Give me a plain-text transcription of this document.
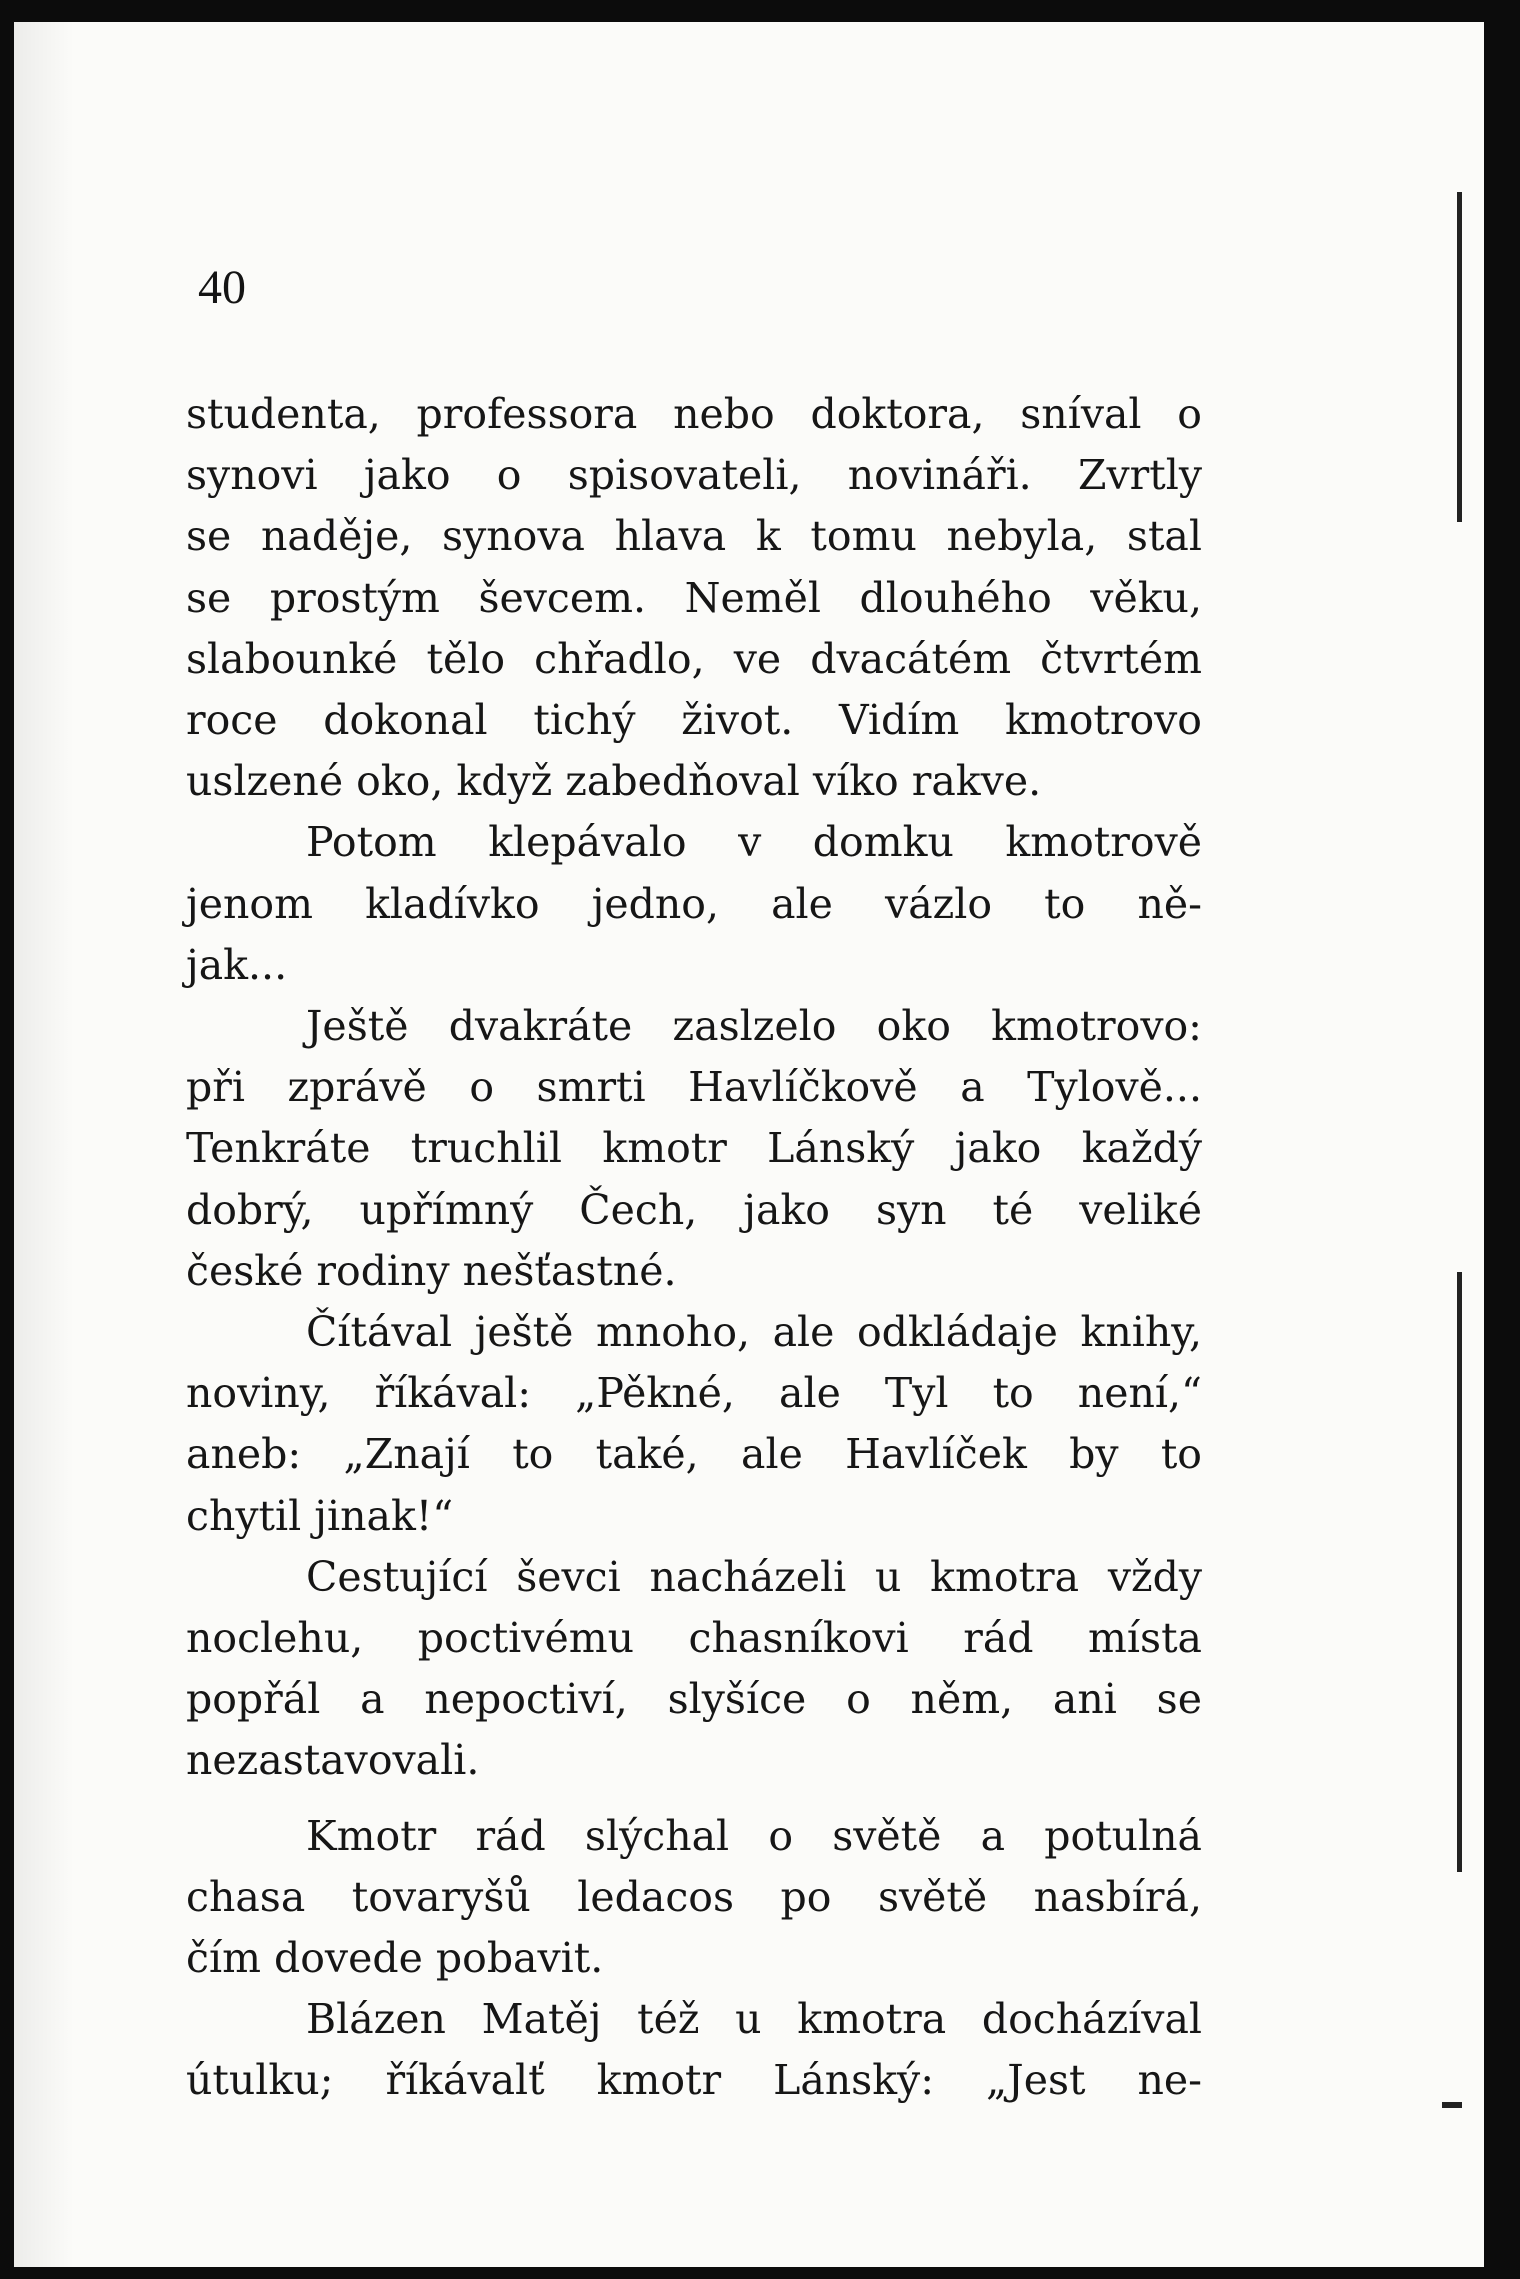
40
studenta, professora nebo doktora, sníval o
synovi jako o spisovateli, novináři. Zvrtly
se naděje, synova hlava k tomu nebyla, stal
se prostým ševcem. Neměl dlouhého věku,
slabounké tělo chřadlo, ve dvacátém čtvrtém
roce dokonal tichý život. Vidím kmotrovo
uslzené oko, když zabedňoval víko rakve.
Potom klepávalo v domku kmotrově
jenom kladívko jedno, ale vázlo to ně-
jak...
Ještě dvakráte zaslzelo oko kmotrovo:
při zprávě o smrti Havlíčkově a Tylově...
Tenkráte truchlil kmotr Lánský jako každý
dobrý, upřímný Čech, jako syn té veliké
české rodiny nešťastné.
Čítával ještě mnoho, ale odkládaje knihy,
noviny, říkával: „Pěkné, ale Tyl to není,“
aneb: „Znají to také, ale Havlíček by to
chytil jinak!“
Cestující ševci nacházeli u kmotra vždy
noclehu, poctivému chasníkovi rád místa
popřál a nepoctiví, slyšíce o něm, ani se
nezastavovali.
Kmotr rád slýchal o světě a potulná
chasa tovaryšů ledacos po světě nasbírá,
čím dovede pobavit.
Blázen Matěj též u kmotra docházíval
útulku; říkávalť kmotr Lánský: „Jest ne-
